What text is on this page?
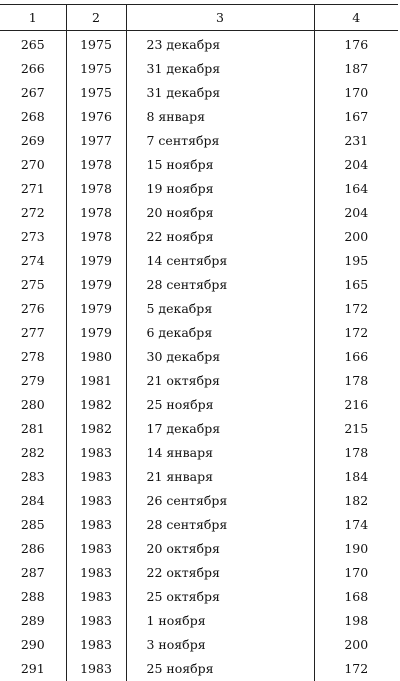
1	2	3	4
265	1975	23 декабря	176
266	1975	31 декабря	187
267	1975	31 декабря	170
268	1976	8 января	167
269	1977	7 сентября	231
270	1978	15 ноября	204
271	1978	19 ноября	164
272	1978	20 ноября	204
273	1978	22 ноября	200
274	1979	14 сентября	195
275	1979	28 сентября	165
276	1979	5 декабря	172
277	1979	6 декабря	172
278	1980	30 декабря	166
279	1981	21 октября	178
280	1982	25 ноября	216
281	1982	17 декабря	215
282	1983	14 января	178
283	1983	21 января	184
284	1983	26 сентября	182
285	1983	28 сентября	174
286	1983	20 октября	190
287	1983	22 октября	170
288	1983	25 октября	168
289	1983	1 ноября	198
290	1983	3 ноября	200
291	1983	25 ноября	172
